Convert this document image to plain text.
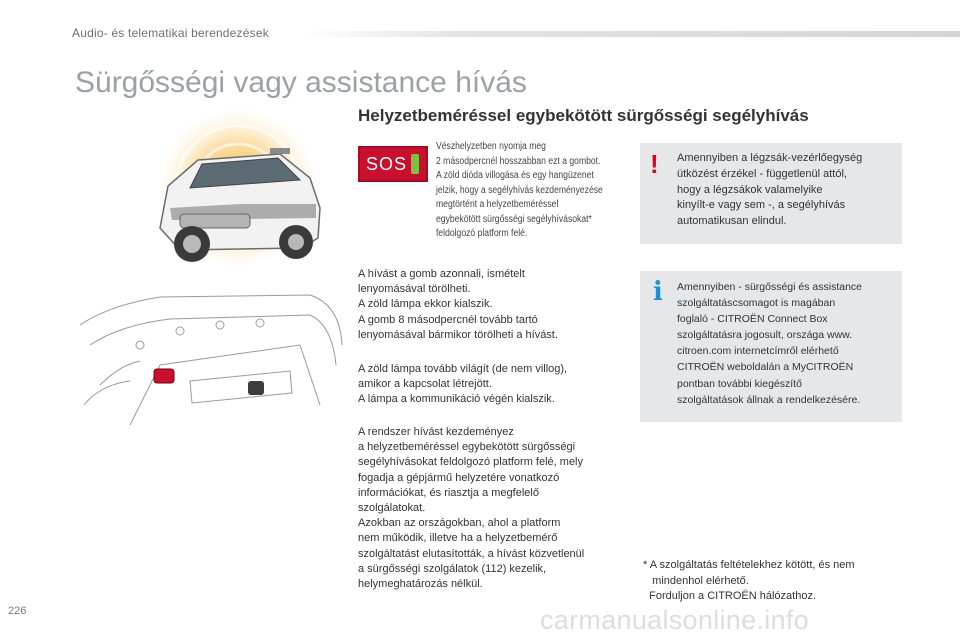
Audio- és telematikai berendezések
Sürgősségi vagy assistance hívás
Helyzetbeméréssel egybekötött sürgősségi segélyhívás
SOS
Vészhelyzetben nyomja meg
2 másodpercnél hosszabban ezt a gombot.
A zöld dióda villogása és egy hangüzenet
jelzik, hogy a segélyhívás kezdeményezése
megtörtént a helyzetbeméréssel
egybekötött sürgősségi segélyhívásokat*
feldolgozó platform felé.
A hívást a gomb azonnali, ismételt
lenyomásával törölheti.
A zöld lámpa ekkor kialszik.
A gomb 8 másodpercnél tovább tartó
lenyomásával bármikor törölheti a hívást.
A zöld lámpa tovább világít (de nem villog),
amikor a kapcsolat létrejött.
A lámpa a kommunikáció végén kialszik.
A rendszer hívást kezdeményez
a helyzetbeméréssel egybekötött sürgősségi
segélyhívásokat feldolgozó platform felé, mely
fogadja a gépjármű helyzetére vonatkozó
információkat, és riasztja a megfelelő
szolgálatokat.
Azokban az országokban, ahol a platform
nem működik, illetve ha a helyzetbemérő
szolgáltatást elutasították, a hívást közvetlenül
a sürgősségi szolgálatok (112) kezelik,
helymeghatározás nélkül.
! Amennyiben a légzsák-vezérlőegység
ütközést érzékel - függetlenül attól,
hogy a légzsákok valamelyike
kinyílt-e vagy sem -, a segélyhívás
automatikusan elindul.
i Amennyiben - sürgősségi és assistance
szolgáltatáscsomagot is magában
foglaló - CITROËN Connect Box
szolgáltatásra jogosult, országa www.
citroen.com internetcímről elérhető
CITROËN weboldalán a MyCITROËN
pontban további kiegészítő
szolgáltatások állnak a rendelkezésére.
* A szolgáltatás feltételekhez kötött, és nem
mindenhol elérhető.
Forduljon a CITROËN hálózathoz.
226	carmanualsonline.info
